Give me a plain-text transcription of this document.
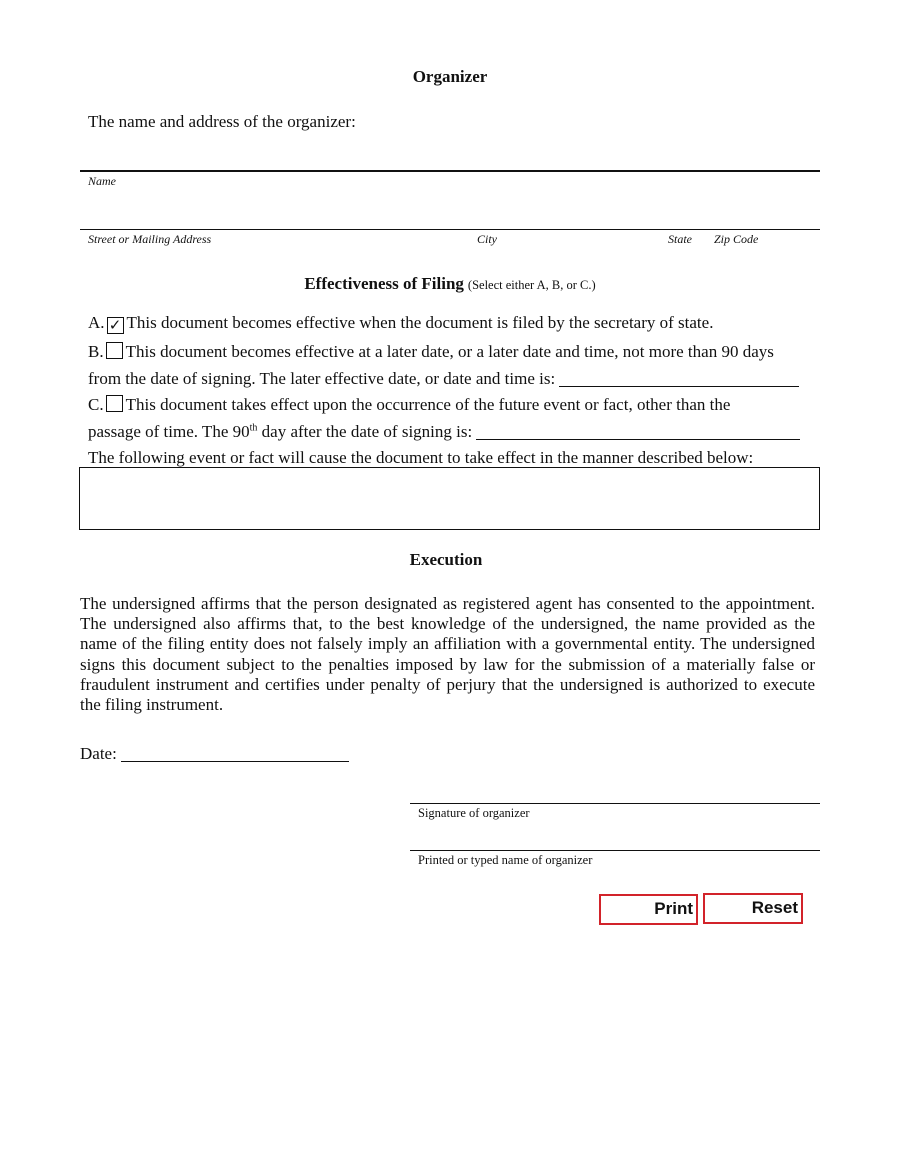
Organizer
The name and address of the organizer:
Name
Street or Mailing Address	City	State Zip Code
Effectiveness of Filing (Select either A, B, or C.)
A. ✓ This document becomes effective when the document is filed by the secretary of state.
B. This document becomes effective at a later date, or a later date and time, not more than 90 days
from the date of signing. The later effective date, or date and time is:
C. This document takes effect upon the occurrence of the future event or fact, other than the
passage of time. The 90th day after the date of signing is:
The following event or fact will cause the document to take effect in the manner described below:
Execution
The undersigned affirms that the person designated as registered agent has consented to the appointment. The undersigned also affirms that, to the best knowledge of the undersigned, the name provided as the name of the filing entity does not falsely imply an affiliation with a governmental entity. The undersigned signs this document subject to the penalties imposed by law for the submission of a materially false or fraudulent instrument and certifies under penalty of perjury that the undersigned is authorized to execute the filing instrument.
Date:
Signature of organizer
Printed or typed name of organizer
Print	Reset
